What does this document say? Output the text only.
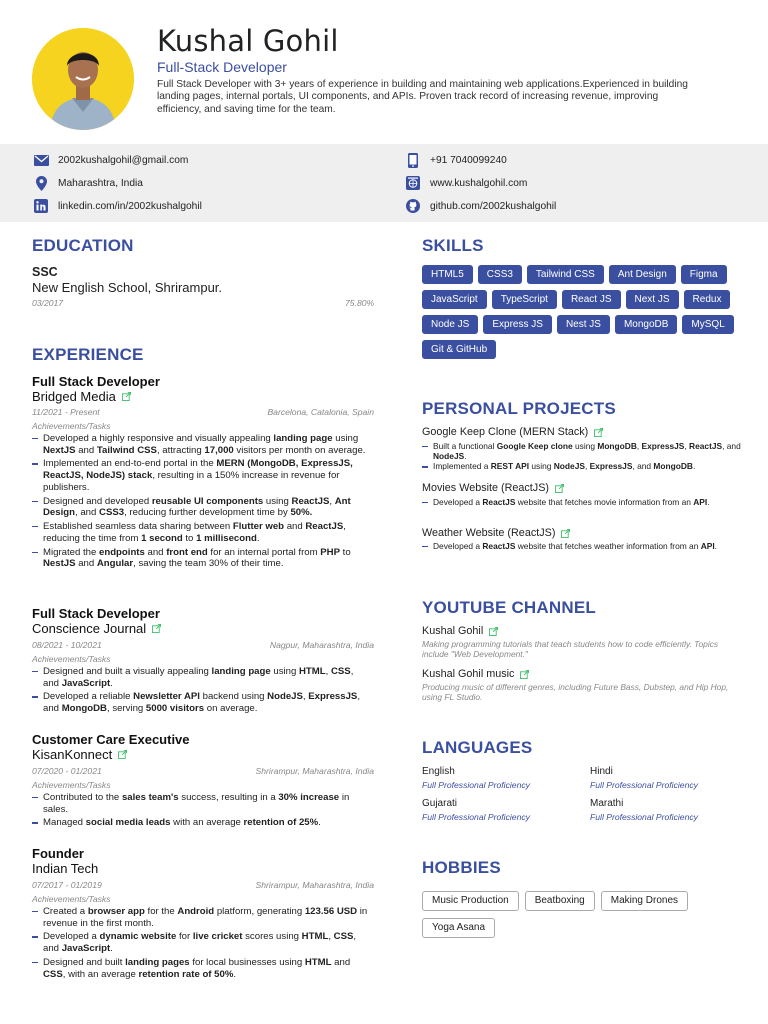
Kushal Gohil
Full-Stack Developer
Full Stack Developer with 3+ years of experience in building and maintaining web applications.Experienced in building landing pages, internal portals, UI components, and APIs. Proven track record of increasing revenue, improving efficiency, and saving time for the team.
2002kushalgohil@gmail.com
Maharashtra, India
linkedin.com/in/2002kushalgohil
+91 7040099240
www.kushalgohil.com
github.com/2002kushalgohil
EDUCATION
SSC
New English School, Shrirampur.
03/2017	75.80%
EXPERIENCE
Full Stack Developer
Bridged Media
11/2021 - Present	Barcelona, Catalonia, Spain
Achievements/Tasks
Developed a highly responsive and visually appealing landing page using NextJS and Tailwind CSS, attracting 17,000 visitors per month on average.
Implemented an end-to-end portal in the MERN (MongoDB, ExpressJS, ReactJS, NodeJS) stack, resulting in a 150% increase in revenue for publishers.
Designed and developed reusable UI components using ReactJS, Ant Design, and CSS3, reducing further development time by 50%.
Established seamless data sharing between Flutter web and ReactJS, reducing the time from 1 second to 1 millisecond.
Migrated the endpoints and front end for an internal portal from PHP to NestJS and Angular, saving the team 30% of their time.
Full Stack Developer
Conscience Journal
08/2021 - 10/2021	Nagpur, Maharashtra, India
Achievements/Tasks
Designed and built a visually appealing landing page using HTML, CSS, and JavaScript.
Developed a reliable Newsletter API backend using NodeJS, ExpressJS, and MongoDB, serving 5000 visitors on average.
Customer Care Executive
KisanKonnect
07/2020 - 01/2021	Shrirampur, Maharashtra, India
Achievements/Tasks
Contributed to the sales team's success, resulting in a 30% increase in sales.
Managed social media leads with an average retention of 25%.
Founder
Indian Tech
07/2017 - 01/2019	Shrirampur, Maharashtra, India
Achievements/Tasks
Created a browser app for the Android platform, generating 123.56 USD in revenue in the first month.
Developed a dynamic website for live cricket scores using HTML, CSS, and JavaScript.
Designed and built landing pages for local businesses using HTML and CSS, with an average retention rate of 50%.
SKILLS
HTML5	CSS3	Tailwind CSS	Ant Design	Figma
JavaScript	TypeScript	React JS	Next JS	Redux
Node JS	Express JS	Nest JS	MongoDB	MySQL
Git & GitHub
PERSONAL PROJECTS
Google Keep Clone (MERN Stack)
Built a functional Google Keep clone using MongoDB, ExpressJS, ReactJS, and NodeJS.
Implemented a REST API using NodeJS, ExpressJS, and MongoDB.
Movies Website (ReactJS)
Developed a ReactJS website that fetches movie information from an API.
Weather Website (ReactJS)
Developed a ReactJS website that fetches weather information from an API.
YOUTUBE CHANNEL
Kushal Gohil
Making programming tutorials that teach students how to code efficiently. Topics include "Web Development."
Kushal Gohil music
Producing music of different genres, including Future Bass, Dubstep, and Hip Hop, using FL Studio.
LANGUAGES
English
Full Professional Proficiency
Hindi
Full Professional Proficiency
Gujarati
Full Professional Proficiency
Marathi
Full Professional Proficiency
HOBBIES
Music Production	Beatboxing	Making Drones
Yoga Asana
